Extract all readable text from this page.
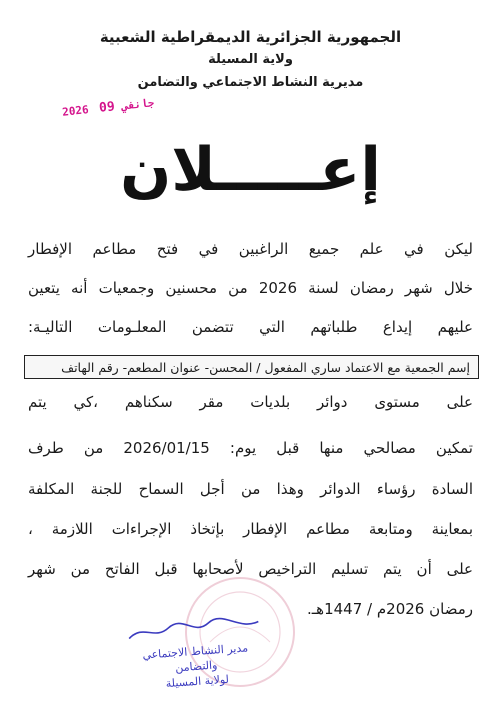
الجمهورية الجزائرية الديمقراطية الشعبية
ولاية المسيلة
مديرية النشاط الاجتماعي والتضامن
2026	جانفي 09
إعـــــلان
ليكن في علم جميع الراغبين في فتح مطاعم الإفطار
خلال شهر رمضان لسنة 2026 من محسنين وجمعيات أنه يتعين
عليهم إيداع طلباتهم التي تتضمن المعلـومات التاليـة:
إسم الجمعية مع الاعتماد ساري المفعول / المحسن- عنوان المطعم- رقم الهاتف
على مستوى دوائر بلديات مقر سكناهم ،كي يتم
تمكين مصالحي منها قبل يوم: 2026/01/15 من طرف
السادة رؤساء الدوائر وهذا من أجل السماح للجنة المكلفة
بمعاينة ومتابعة مطاعم الإفطار بإتخاذ الإجراءات اللازمة ،
على أن يتم تسليم التراخيص لأصحابها قبل الفاتح من شهر
رمضان 2026م / 1447هـ.
مدير النشاط الاجتماعي والتضامن
لولاية المسيلة
